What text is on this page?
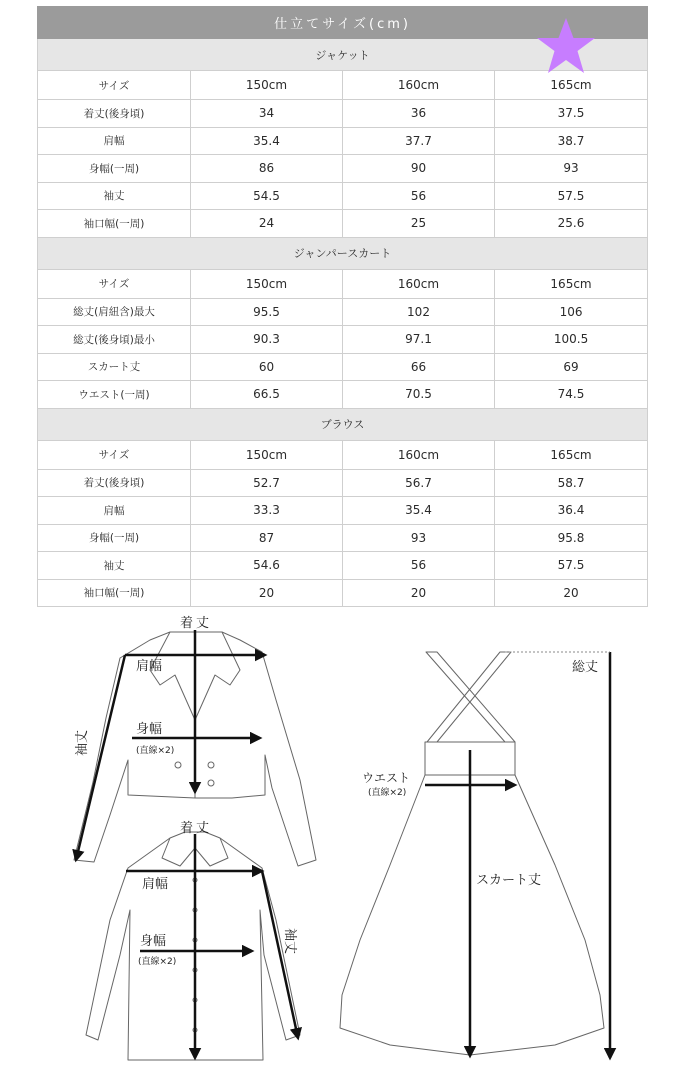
仕立てサイズ(cm)			
ジャケット			
サイズ	150cm	160cm	165cm
着丈(後身頃)	34	36	37.5
肩幅	35.4	37.7	38.7
身幅(一周)	86	90	93
袖丈	54.5	56	57.5
袖口幅(一周)	24	25	25.6
ジャンパースカート			
サイズ	150cm	160cm	165cm
総丈(肩紐含)最大	95.5	102	106
総丈(後身頃)最小	90.3	97.1	100.5
スカート丈	60	66	69
ウエスト(一周)	66.5	70.5	74.5
ブラウス			
サイズ	150cm	160cm	165cm
着丈(後身頃)	52.7	56.7	58.7
肩幅	33.3	35.4	36.4
身幅(一周)	87	93	95.8
袖丈	54.6	56	57.5
袖口幅(一周)	20	20	20
着丈
肩幅
身幅
(直線×2)
袖丈
着丈
肩幅
身幅
(直線×2)
袖丈
総丈
ウエスト
(直線×2)
スカート丈
